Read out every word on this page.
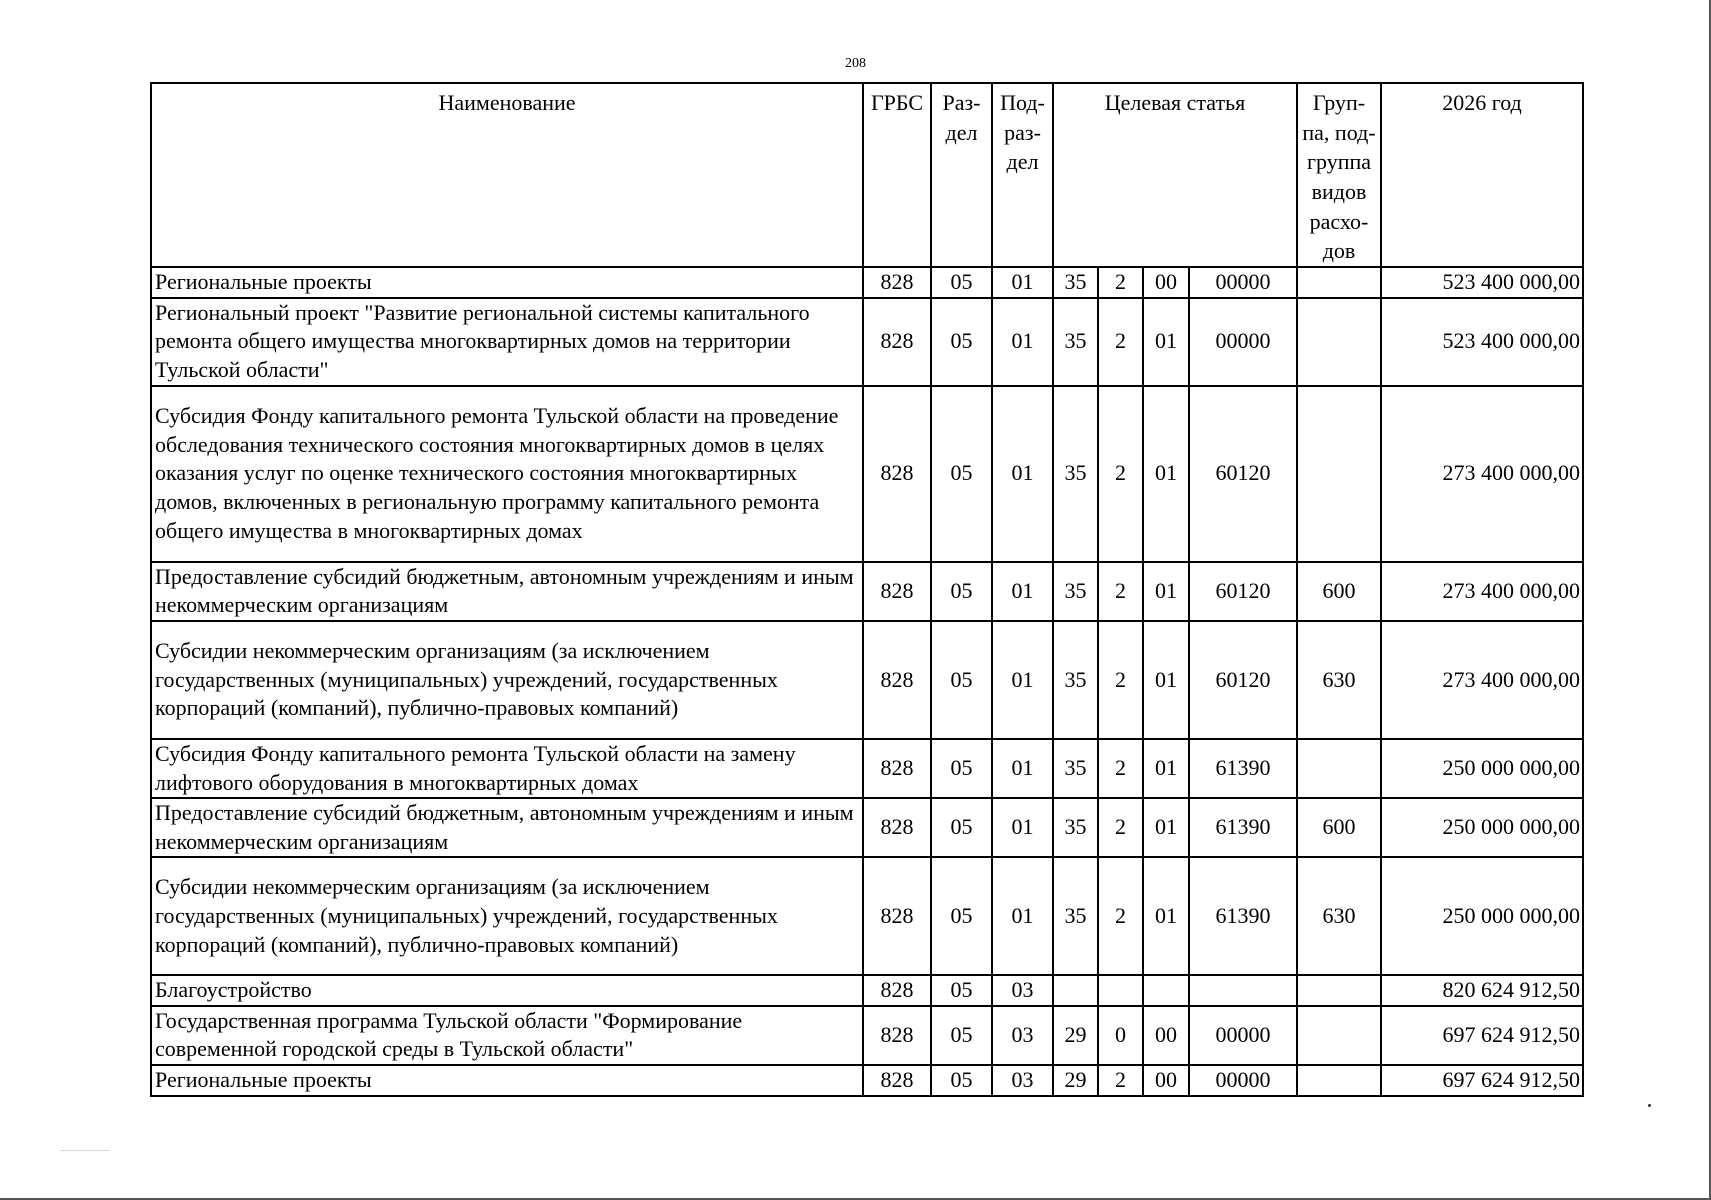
208
Наименование	ГРБС	Раз-дел	Под-раз-дел	Целевая статья				Груп-па, под-группа видов расхо-дов	2026 год
Региональные проекты	828	05	01	35	2	00	00000		523 400 000,00
Региональный проект "Развитие региональной системы капитального ремонта общего имущества многоквартирных домов на территории Тульской области"	828	05	01	35	2	01	00000		523 400 000,00
Субсидия Фонду капитального ремонта Тульской области на проведение обследования технического состояния многоквартирных домов в целях оказания услуг по оценке технического состояния многоквартирных домов, включенных в региональную программу капитального ремонта общего имущества в многоквартирных домах	828	05	01	35	2	01	60120		273 400 000,00
Предоставление субсидий бюджетным, автономным учреждениям и иным некоммерческим организациям	828	05	01	35	2	01	60120	600	273 400 000,00
Субсидии некоммерческим организациям (за исключением государственных (муниципальных) учреждений, государственных корпораций (компаний), публично-правовых компаний)	828	05	01	35	2	01	60120	630	273 400 000,00
Субсидия Фонду капитального ремонта Тульской области на замену лифтового оборудования в многоквартирных домах	828	05	01	35	2	01	61390		250 000 000,00
Предоставление субсидий бюджетным, автономным учреждениям и иным некоммерческим организациям	828	05	01	35	2	01	61390	600	250 000 000,00
Субсидии некоммерческим организациям (за исключением государственных (муниципальных) учреждений, государственных корпораций (компаний), публично-правовых компаний)	828	05	01	35	2	01	61390	630	250 000 000,00
Благоустройство	828	05	03						820 624 912,50
Государственная программа Тульской области "Формирование современной городской среды в Тульской области"	828	05	03	29	0	00	00000		697 624 912,50
Региональные проекты	828	05	03	29	2	00	00000		697 624 912,50
